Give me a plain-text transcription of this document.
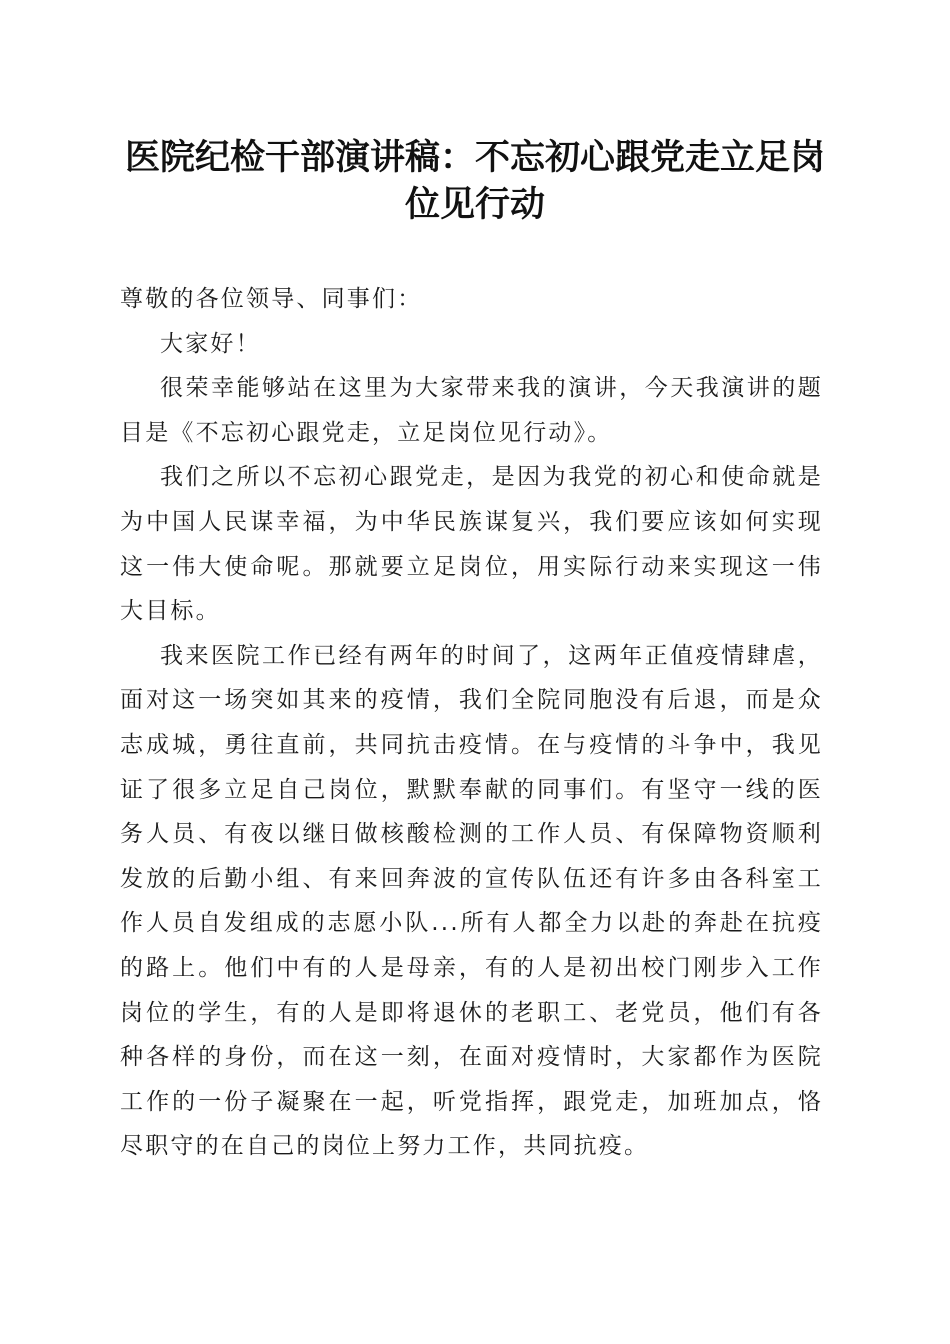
医院纪检干部演讲稿：不忘初心跟党走立足岗位见行动

尊敬的各位领导、同事们：

大家好！

很荣幸能够站在这里为大家带来我的演讲，今天我演讲的题目是《不忘初心跟党走，立足岗位见行动》。

我们之所以不忘初心跟党走，是因为我党的初心和使命就是为中国人民谋幸福，为中华民族谋复兴，我们要应该如何实现这一伟大使命呢。那就要立足岗位，用实际行动来实现这一伟大目标。

我来医院工作已经有两年的时间了，这两年正值疫情肆虐，面对这一场突如其来的疫情，我们全院同胞没有后退，而是众志成城，勇往直前，共同抗击疫情。在与疫情的斗争中，我见证了很多立足自己岗位，默默奉献的同事们。有坚守一线的医务人员、有夜以继日做核酸检测的工作人员、有保障物资顺利发放的后勤小组、有来回奔波的宣传队伍还有许多由各科室工作人员自发组成的志愿小队...所有人都全力以赴的奔赴在抗疫的路上。他们中有的人是母亲，有的人是初出校门刚步入工作岗位的学生，有的人是即将退休的老职工、老党员，他们有各种各样的身份，而在这一刻，在面对疫情时，大家都作为医院工作的一份子凝聚在一起，听党指挥，跟党走，加班加点，恪尽职守的在自己的岗位上努力工作，共同抗疫。
